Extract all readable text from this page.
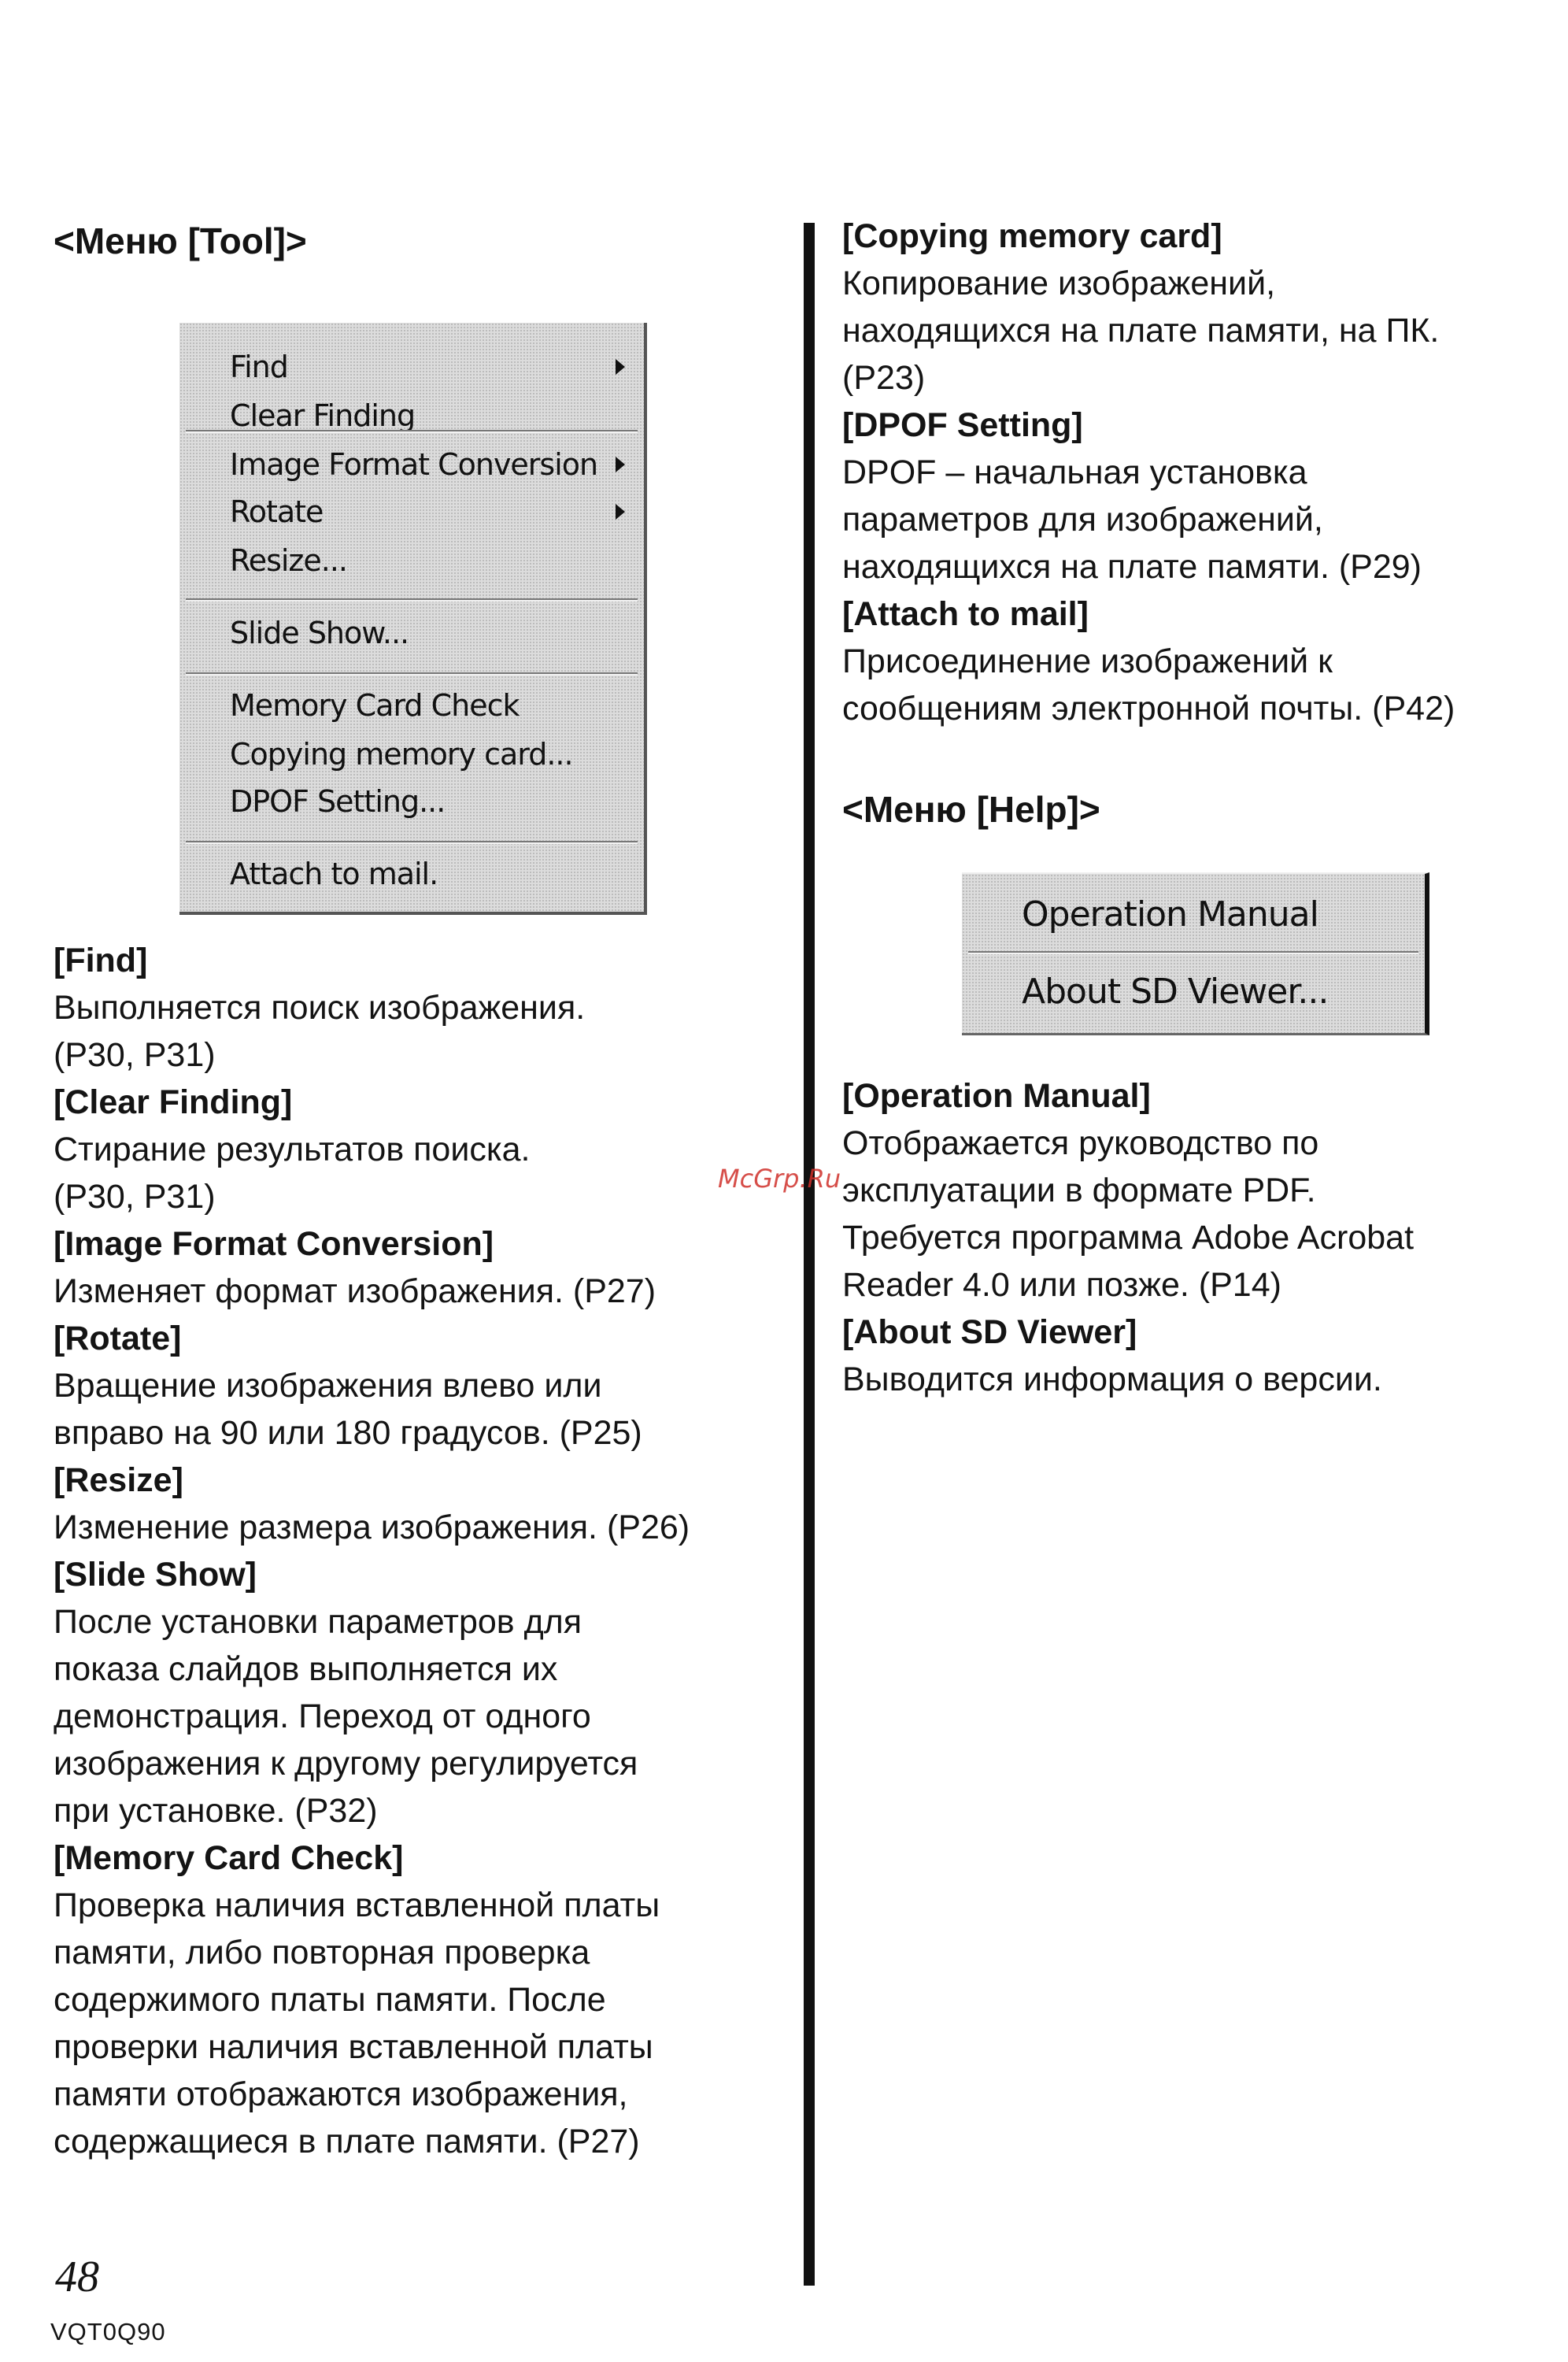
<Меню [Tool]>
[Find]
Выполняется поиск изображения.
(P30, P31)
[Clear Finding]
Стирание результатов поиска.
(P30, P31)
[Image Format Conversion]
Изменяет формат изображения. (P27)
[Rotate]
Вращение изображения влево или
вправо на 90 или 180 градусов. (P25)
[Resize]
Изменение размера изображения. (P26)
[Slide Show]
После установки параметров для
показа слайдов выполняется их
демонстрация. Переход от одного
изображения к другому регулируется
при установке. (P32)
[Memory Card Check]
Проверка наличия вставленной платы
памяти, либо повторная проверка
содержимого платы памяти. После
проверки наличия вставленной платы
памяти отображаются изображения,
содержащиеся в плате памяти. (P27)
Find
Clear Finding
Image Format Conversion
Rotate
Resize...
Slide Show...
Memory Card Check
Copying memory card...
DPOF Setting...
Attach to mail.
[Copying memory card]
Копирование изображений,
находящихся на плате памяти, на ПК.
(P23)
[DPOF Setting]
DPOF – начальная установка
параметров для изображений,
находящихся на плате памяти. (P29)
[Attach to mail]
Присоединение изображений к
сообщениям электронной почты. (P42)
<Меню [Help]>
[Operation Manual]
Отображается руководство по
эксплуатации в формате PDF.
Требуется программа Adobe Acrobat
Reader 4.0 или позже. (P14)
[About SD Viewer]
Выводится информация о версии.
Operation Manual
About SD Viewer...
McGrp.Ru
48
VQT0Q90
